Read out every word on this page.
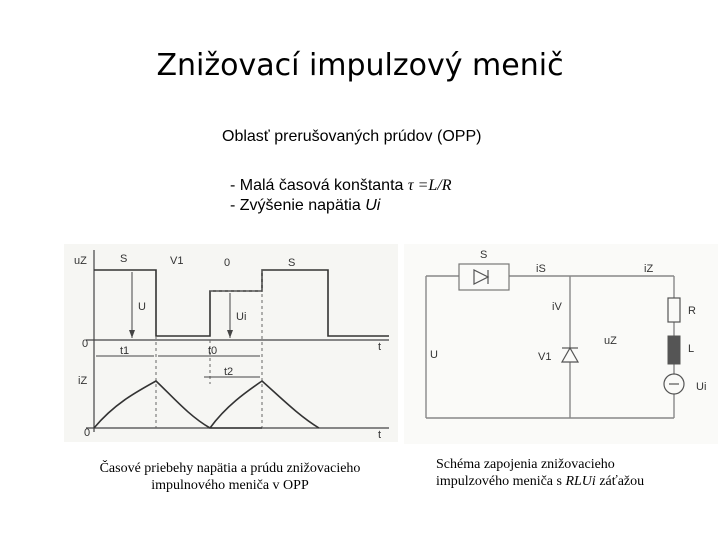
Znižovací impulzový menič
Oblasť prerušovaných prúdov (OPP)
- Malá časová konštanta τ =L/R
- Zvýšenie napätia Ui
uZ	S	V1	0	S
U
Ui
0	t
t1	t0
t2
iZ
0	t
Časové priebehy napätia a prúdu znižovacieho
impulnového meniča v OPP
S
iS	iZ
iV	R
V1
U
uZ
L
Ui
Schéma zapojenia znižovacieho
impulzového meniča s RLUi záťažou
